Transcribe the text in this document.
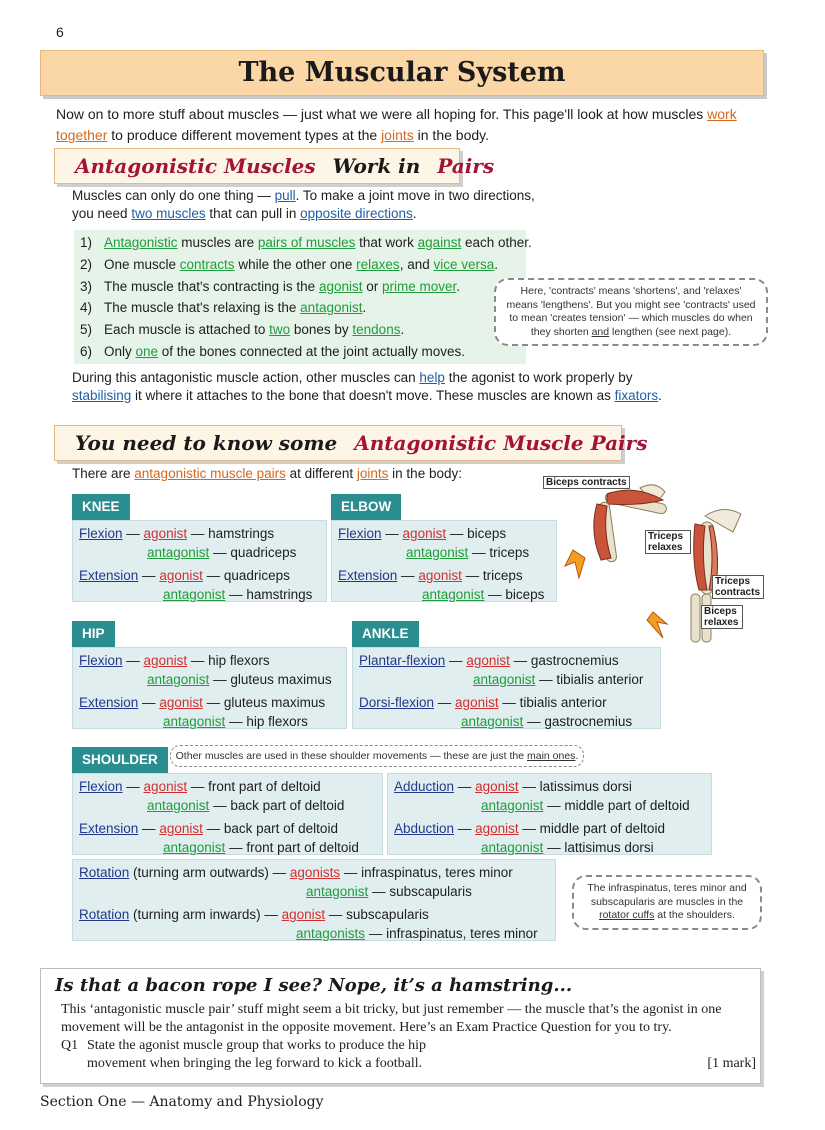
6
The Muscular System
Now on to more stuff about muscles — just what we were all hoping for. This page'll look at how muscles work together to produce different movement types at the joints in the body.
Antagonistic Muscles Work in Pairs
Muscles can only do one thing — pull. To make a joint move in two directions,
you need two muscles that can pull in opposite directions.
1) Antagonistic muscles are pairs of muscles that work against each other.
2) One muscle contracts while the other one relaxes, and vice versa.
3) The muscle that's contracting is the agonist or prime mover.
4) The muscle that's relaxing is the antagonist.
5) Each muscle is attached to two bones by tendons.
6) Only one of the bones connected at the joint actually moves.
Here, 'contracts' means 'shortens', and 'relaxes' means 'lengthens'. But you might see 'contracts' used to mean 'creates tension' — which muscles do when they shorten and lengthen (see next page).
During this antagonistic muscle action, other muscles can help the agonist to work properly by
stabilising it where it attaches to the bone that doesn't move. These muscles are known as fixators.
You need to know some Antagonistic Muscle Pairs
There are antagonistic muscle pairs at different joints in the body:
KNEE
Flexion — agonist — hamstrings
antagonist — quadriceps
Extension — agonist — quadriceps
antagonist — hamstrings
ELBOW
Flexion — agonist — biceps
antagonist — triceps
Extension — agonist — triceps
antagonist — biceps
Biceps contracts
Triceps relaxes
Triceps contracts
Biceps relaxes
HIP
Flexion — agonist — hip flexors
antagonist — gluteus maximus
Extension — agonist — gluteus maximus
antagonist — hip flexors
ANKLE
Plantar-flexion — agonist — gastrocnemius
antagonist — tibialis anterior
Dorsi-flexion — agonist — tibialis anterior
antagonist — gastrocnemius
SHOULDER	Other muscles are used in these shoulder movements — these are just the main ones.
Flexion — agonist — front part of deltoid
antagonist — back part of deltoid
Extension — agonist — back part of deltoid
antagonist — front part of deltoid
Adduction — agonist — latissimus dorsi
antagonist — middle part of deltoid
Abduction — agonist — middle part of deltoid
antagonist — lattisimus dorsi
Rotation (turning arm outwards) — agonists — infraspinatus, teres minor
antagonist — subscapularis
Rotation (turning arm inwards) — agonist — subscapularis
antagonists — infraspinatus, teres minor
The infraspinatus, teres minor and subscapularis are muscles in the rotator cuffs at the shoulders.
Is that a bacon rope I see? Nope, it’s a hamstring...
This ‘antagonistic muscle pair’ stuff might seem a bit tricky, but just remember — the muscle that’s the agonist in one movement will be the antagonist in the opposite movement. Here’s an Exam Practice Question for you to try.
Q1 State the agonist muscle group that works to produce the hip movement when bringing the leg forward to kick a football.	[1 mark]
Section One — Anatomy and Physiology
